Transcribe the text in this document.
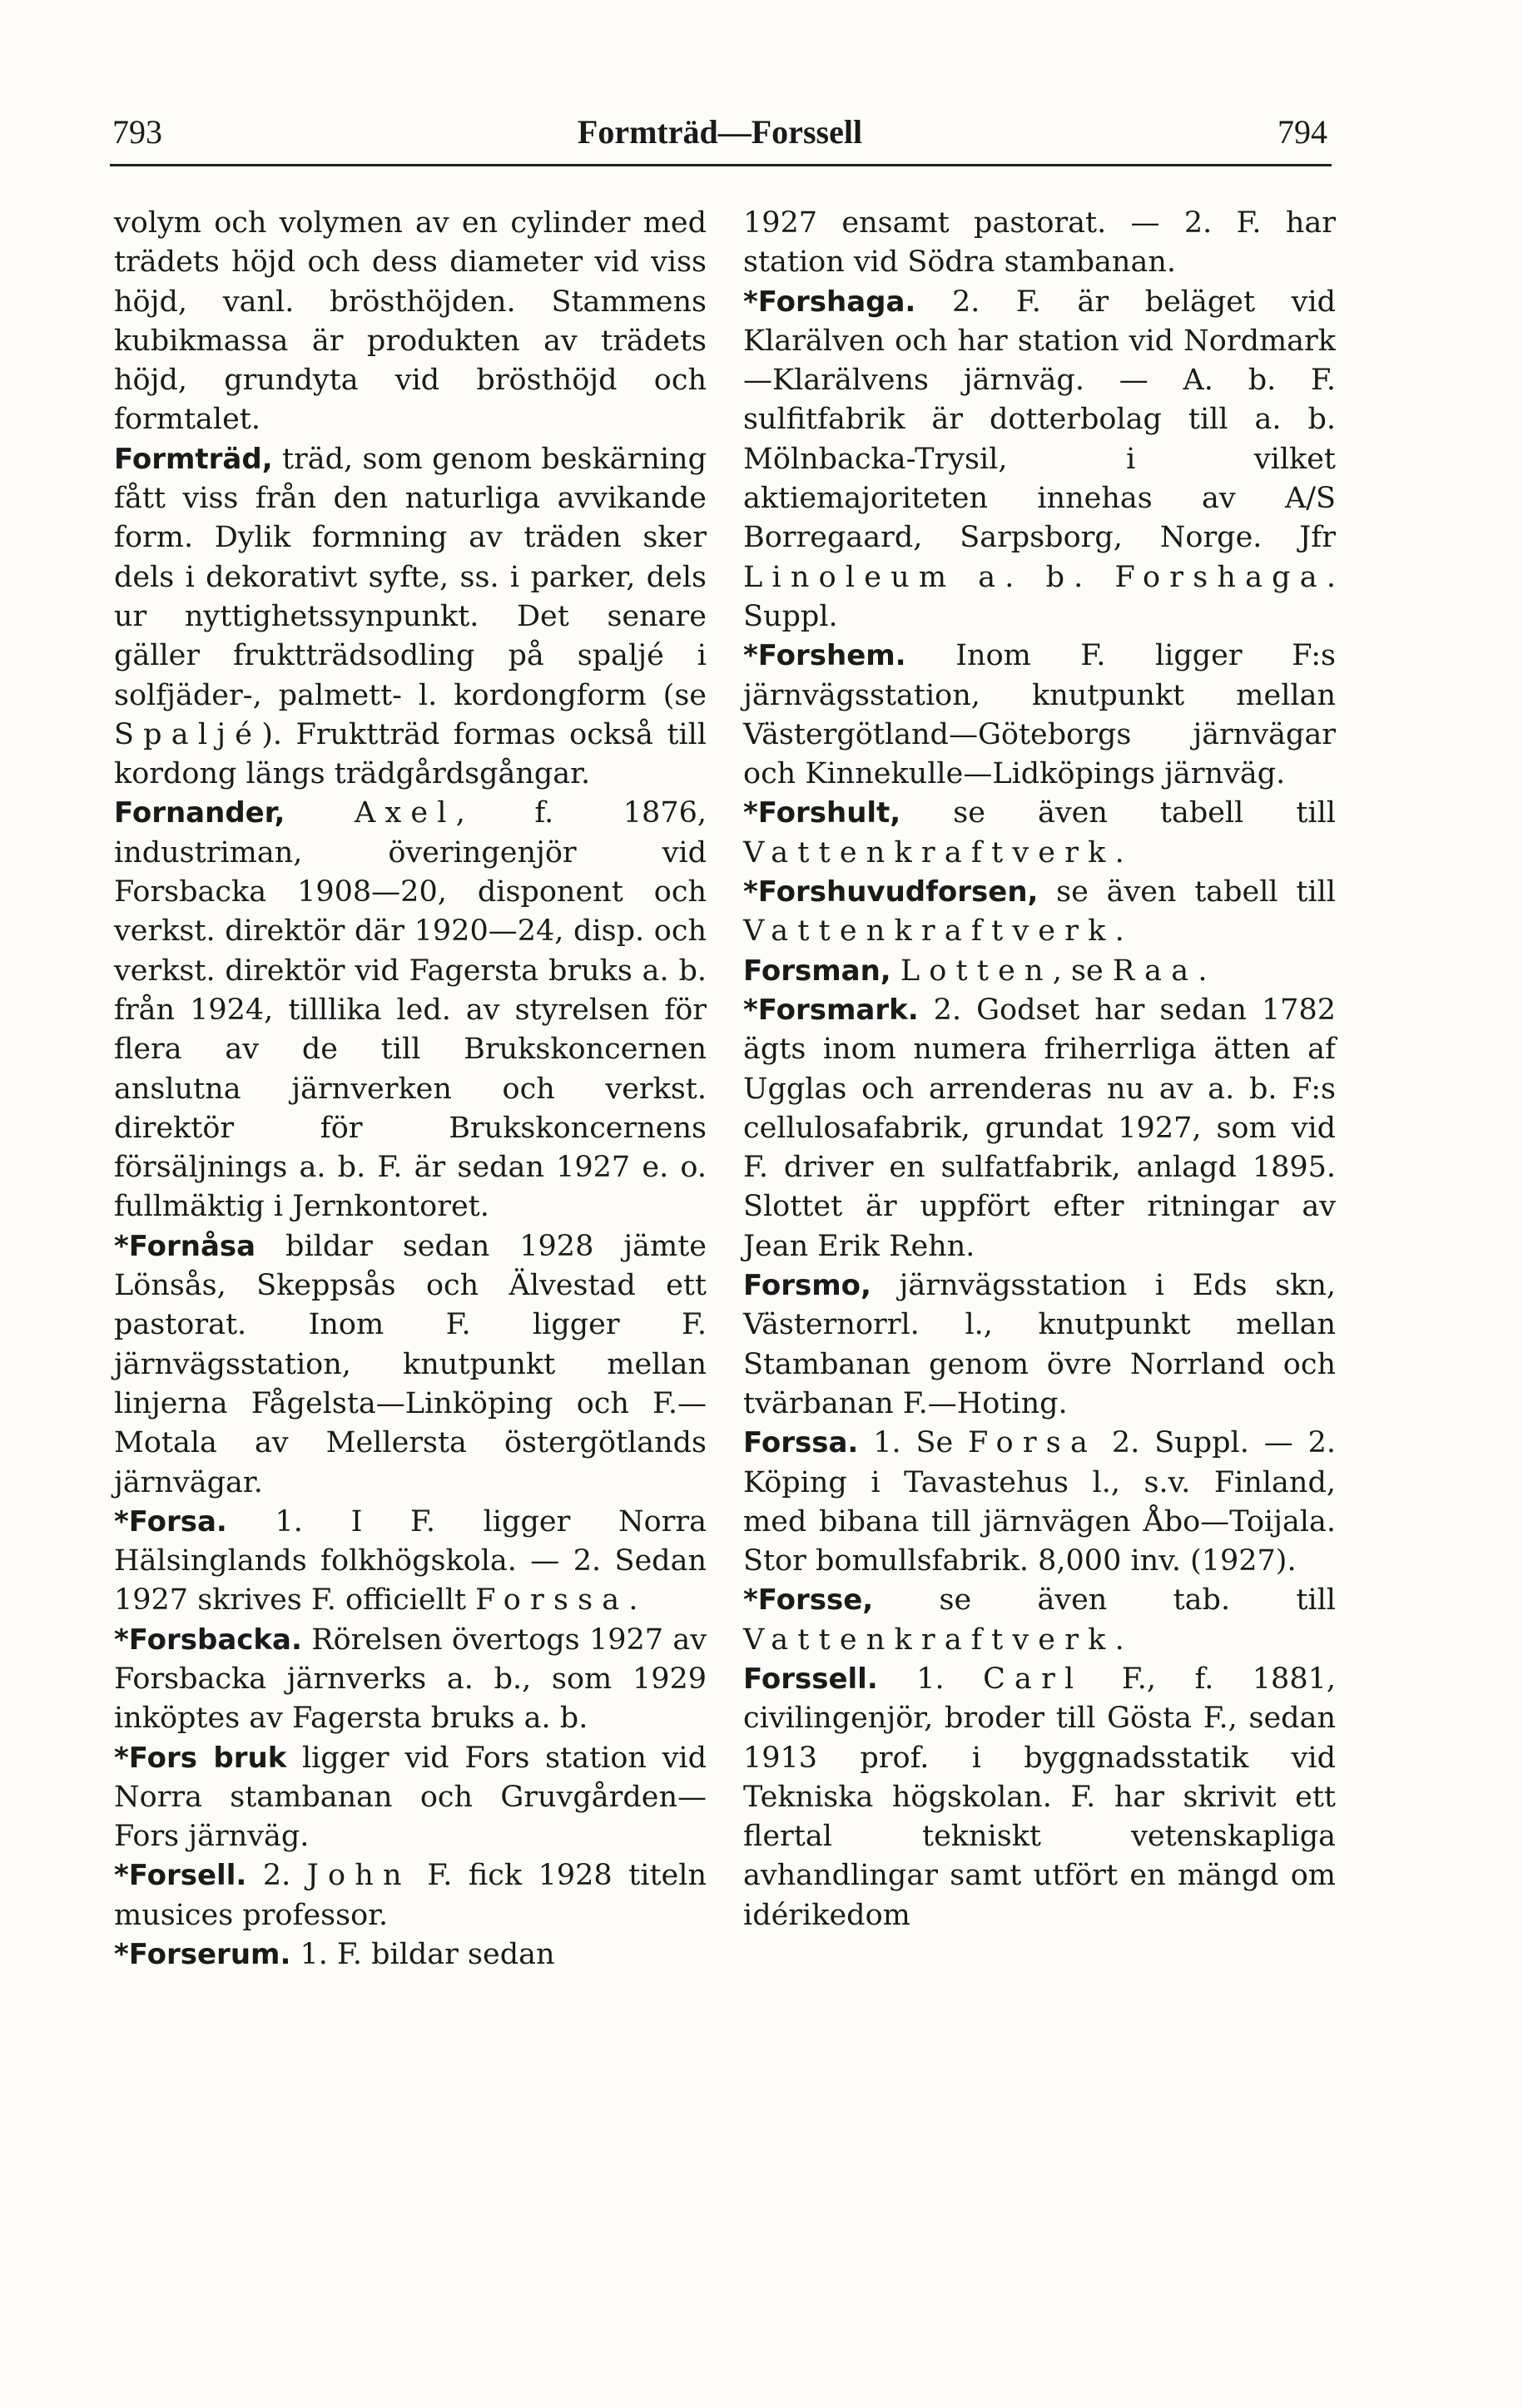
793	Formträd—Forssell	794

volym och volymen av en cylinder med trädets höjd och dess diameter vid viss höjd, vanl. brösthöjden. Stammens kubikmassa är produkten av trädets höjd, grundyta vid brösthöjd och formtalet.

Formträd, träd, som genom beskärning fått viss från den naturliga avvikande form. Dylik formning av träden sker dels i dekorativt syfte, ss. i parker, dels ur nyttighetssynpunkt. Det senare gäller fruktträdsodling på spaljé i solfjäder-, palmett- l. kordongform (se Spaljé). Fruktträd formas också till kordong längs trädgårdsgångar.

Fornander, Axel, f. 1876, industriman, överingenjör vid Forsbacka 1908—20, disponent och verkst. direktör där 1920—24, disp. och verkst. direktör vid Fagersta bruks a. b. från 1924, tilllika led. av styrelsen för flera av de till Brukskoncernen anslutna järnverken och verkst. direktör för Brukskoncernens försäljnings a. b. F. är sedan 1927 e. o. fullmäktig i Jernkontoret.

*Fornåsa bildar sedan 1928 jämte Lönsås, Skeppsås och Älvestad ett pastorat. Inom F. ligger F. järnvägsstation, knutpunkt mellan linjerna Fågelsta—Linköping och F.—Motala av Mellersta östergötlands järnvägar.

*Forsa. 1. I F. ligger Norra Hälsinglands folkhögskola. — 2. Sedan 1927 skrives F. officiellt Forssa.

*Forsbacka. Rörelsen övertogs 1927 av Forsbacka järnverks a. b., som 1929 inköptes av Fagersta bruks a. b.

*Fors bruk ligger vid Fors station vid Norra stambanan och Gruvgården—Fors järnväg.

*Forsell. 2. John F. fick 1928 titeln musices professor.

*Forserum. 1. F. bildar sedan

1927 ensamt pastorat. — 2. F. har station vid Södra stambanan.

*Forshaga. 2. F. är beläget vid Klarälven och har station vid Nordmark—Klarälvens järnväg. — A. b. F. sulfitfabrik är dotterbolag till a. b. Mölnbacka-Trysil, i vilket aktiemajoriteten innehas av A/S Borregaard, Sarpsborg, Norge. Jfr Linoleum a. b. Forshaga. Suppl.

*Forshem. Inom F. ligger F:s järnvägsstation, knutpunkt mellan Västergötland—Göteborgs järnvägar och Kinnekulle—Lidköpings järnväg.

*Forshult, se även tabell till Vattenkraftverk.

*Forshuvudforsen, se även tabell till Vattenkraftverk.

Forsman, Lotten, se Raa.

*Forsmark. 2. Godset har sedan 1782 ägts inom numera friherrliga ätten af Ugglas och arrenderas nu av a. b. F:s cellulosafabrik, grundat 1927, som vid F. driver en sulfatfabrik, anlagd 1895. Slottet är uppfört efter ritningar av Jean Erik Rehn.

Forsmo, järnvägsstation i Eds skn, Västernorrl. l., knutpunkt mellan Stambanan genom övre Norrland och tvärbanan F.—Hoting.

Forssa. 1. Se Forsa 2. Suppl. — 2. Köping i Tavastehus l., s.v. Finland, med bibana till järnvägen Åbo—Toijala. Stor bomullsfabrik. 8,000 inv. (1927).

*Forsse, se även tab. till Vattenkraftverk.

Forssell. 1. Carl F., f. 1881, civilingenjör, broder till Gösta F., sedan 1913 prof. i byggnadsstatik vid Tekniska högskolan. F. har skrivit ett flertal tekniskt vetenskapliga avhandlingar samt utfört en mängd om idérikedom
